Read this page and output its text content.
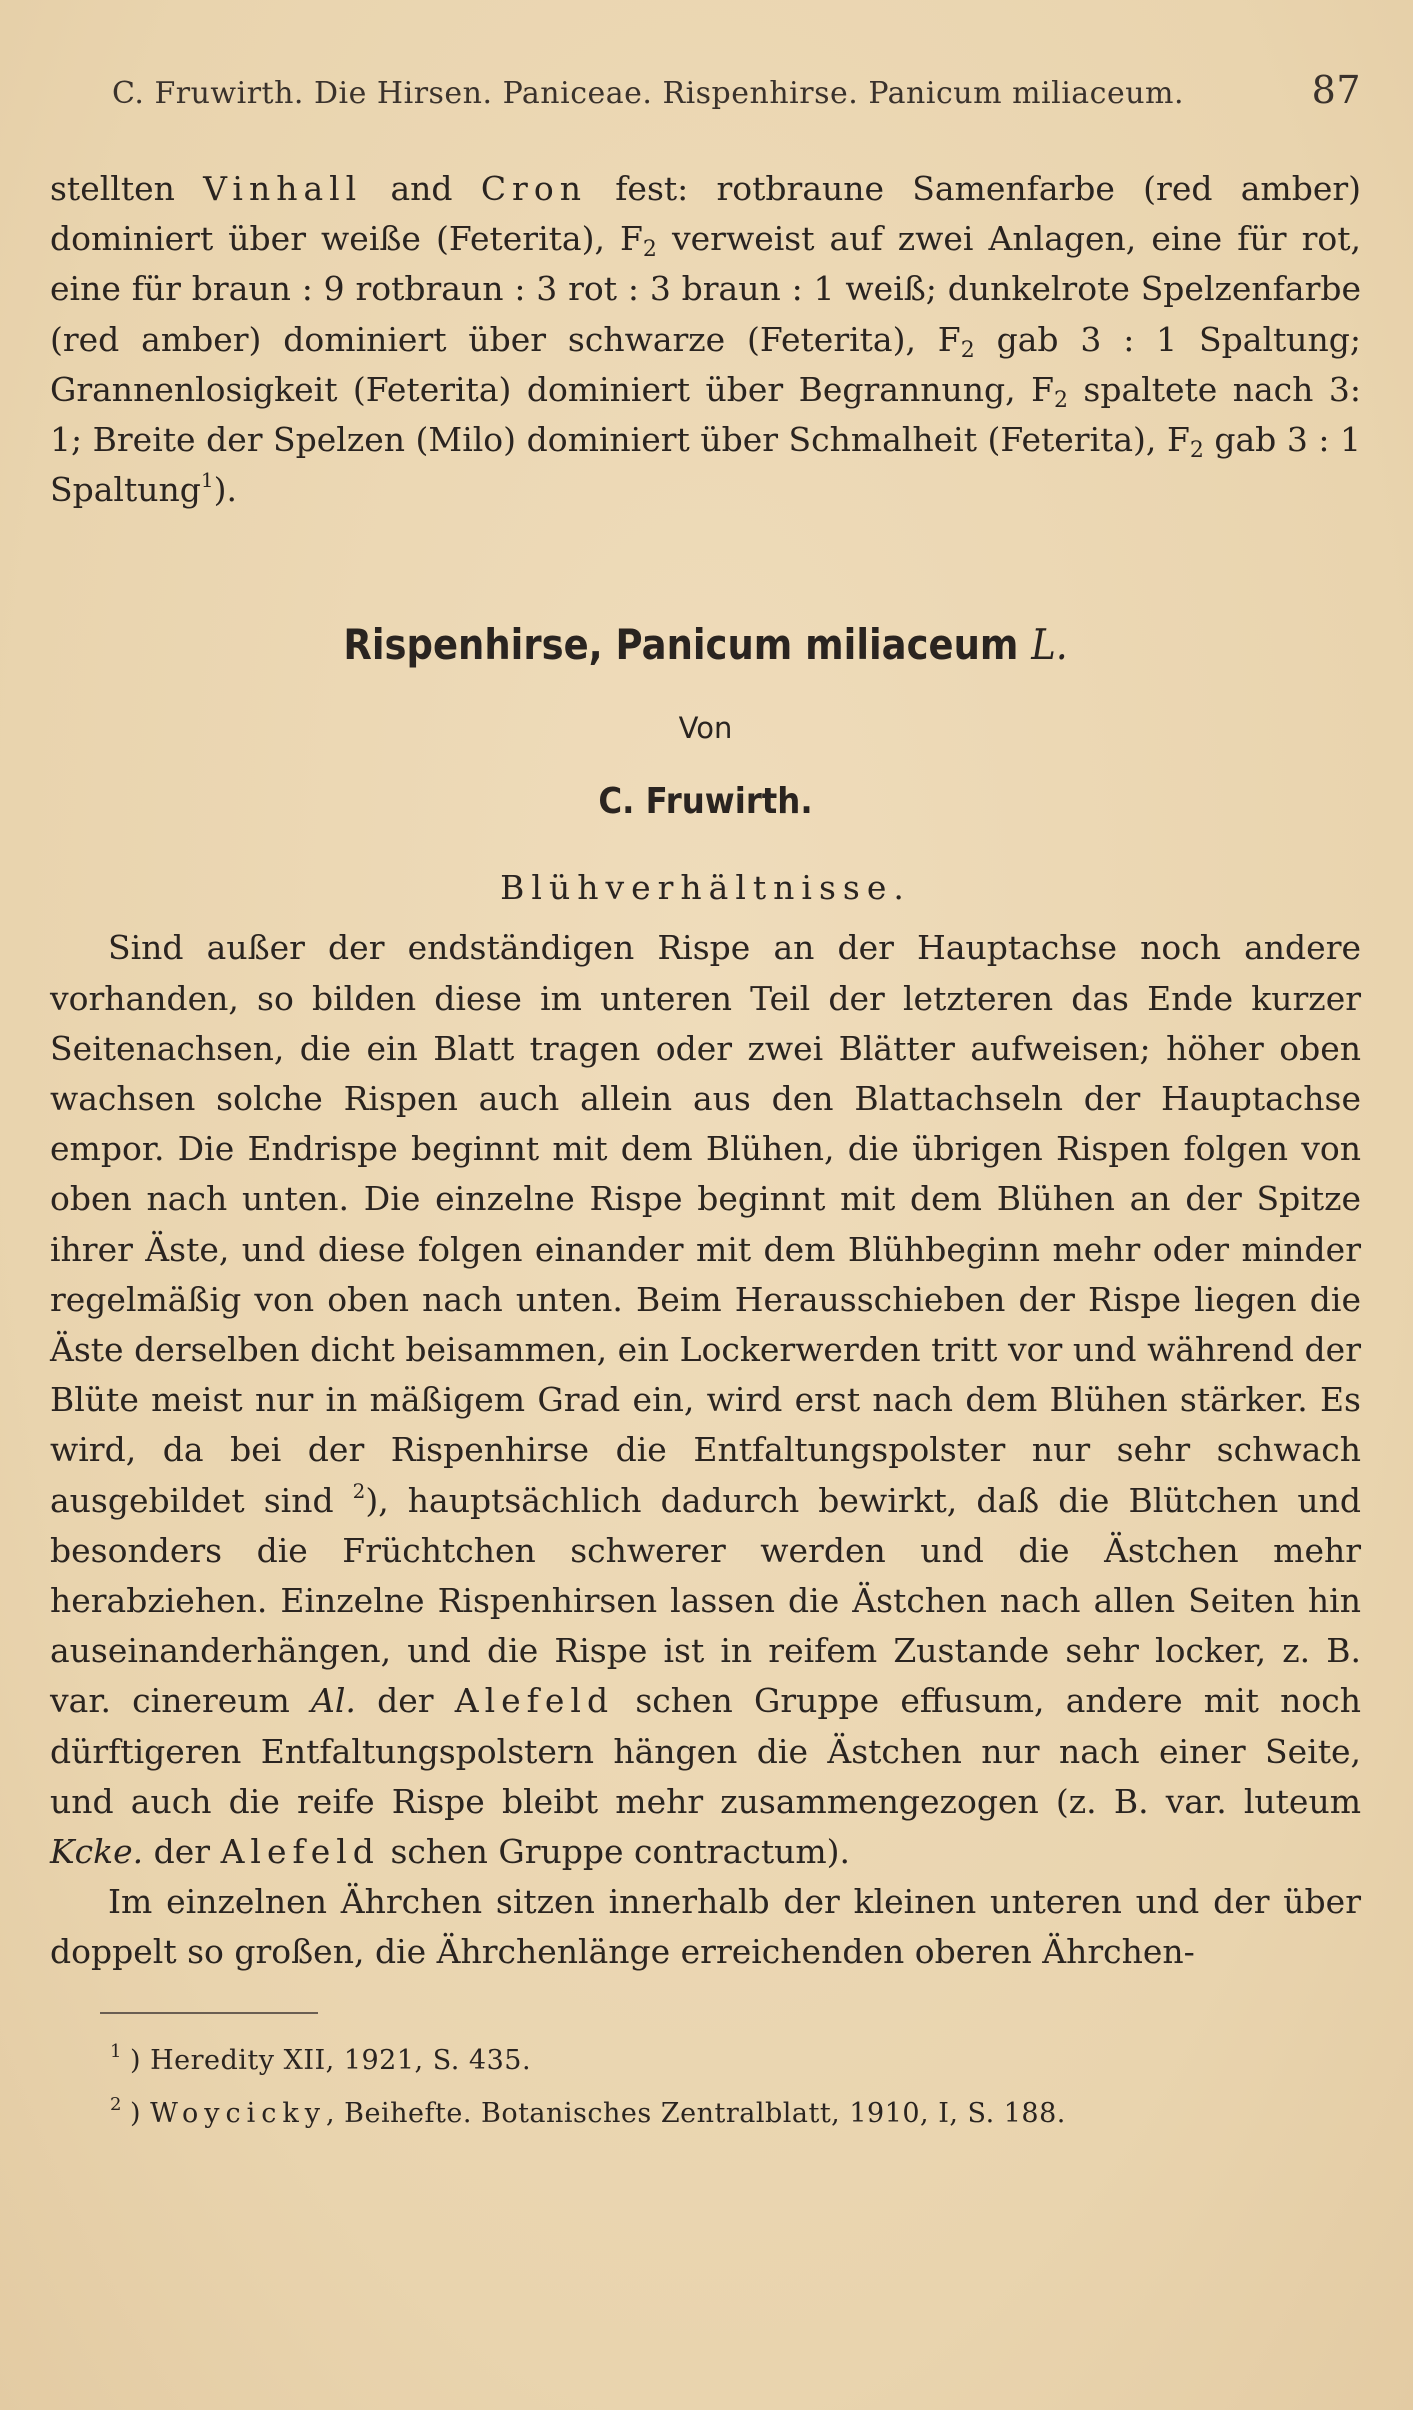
C. Fruwirth. Die Hirsen. Paniceae. Rispenhirse. Panicum miliaceum.	87

stellten Vinhall and Cron fest: rotbraune Samenfarbe (red amber) dominiert über weiße (Feterita), $F_2$ verweist auf zwei Anlagen, eine für rot, eine für braun : 9 rotbraun : 3 rot : 3 braun : 1 weiß; dunkelrote Spelzenfarbe (red amber) dominiert über schwarze (Feterita), $F_2$ gab 3 : 1 Spaltung; Grannenlosigkeit (Feterita) dominiert über Begrannung, $F_2$ spaltete nach 3: 1; Breite der Spelzen (Milo) dominiert über Schmalheit (Feterita), $F_2$ gab 3 : 1 Spaltung$^1$).

Rispenhirse, Panicum miliaceum L.
Von
C. Fruwirth.
Blühverhältnisse.

Sind außer der endständigen Rispe an der Hauptachse noch andere vorhanden, so bilden diese im unteren Teil der letzteren das Ende kurzer Seitenachsen, die ein Blatt tragen oder zwei Blätter aufweisen; höher oben wachsen solche Rispen auch allein aus den Blattachseln der Hauptachse empor. Die Endrispe beginnt mit dem Blühen, die übrigen Rispen folgen von oben nach unten. Die einzelne Rispe beginnt mit dem Blühen an der Spitze ihrer Äste, und diese folgen einander mit dem Blühbeginn mehr oder minder regelmäßig von oben nach unten. Beim Herausschieben der Rispe liegen die Äste derselben dicht beisammen, ein Lockerwerden tritt vor und während der Blüte meist nur in mäßigem Grad ein, wird erst nach dem Blühen stärker. Es wird, da bei der Rispenhirse die Entfaltungspolster nur sehr schwach ausgebildet sind $^2$), hauptsächlich dadurch bewirkt, daß die Blütchen und besonders die Früchtchen schwerer werden und die Ästchen mehr herabziehen. Einzelne Rispenhirsen lassen die Ästchen nach allen Seiten hin auseinanderhängen, und die Rispe ist in reifem Zustande sehr locker, z. B. var. cinereum Al. der Alefeld schen Gruppe effusum, andere mit noch dürftigeren Entfaltungspolstern hängen die Ästchen nur nach einer Seite, und auch die reife Rispe bleibt mehr zusammengezogen (z. B. var. luteum Kcke. der Alefeld schen Gruppe contractum).

Im einzelnen Ährchen sitzen innerhalb der kleinen unteren und der über doppelt so großen, die Ährchenlänge erreichenden oberen Ährchen-

$^1$ ) Heredity XII, 1921, S. 435.
$^2$ ) Woycicky, Beihefte. Botanisches Zentralblatt, 1910, I, S. 188.
